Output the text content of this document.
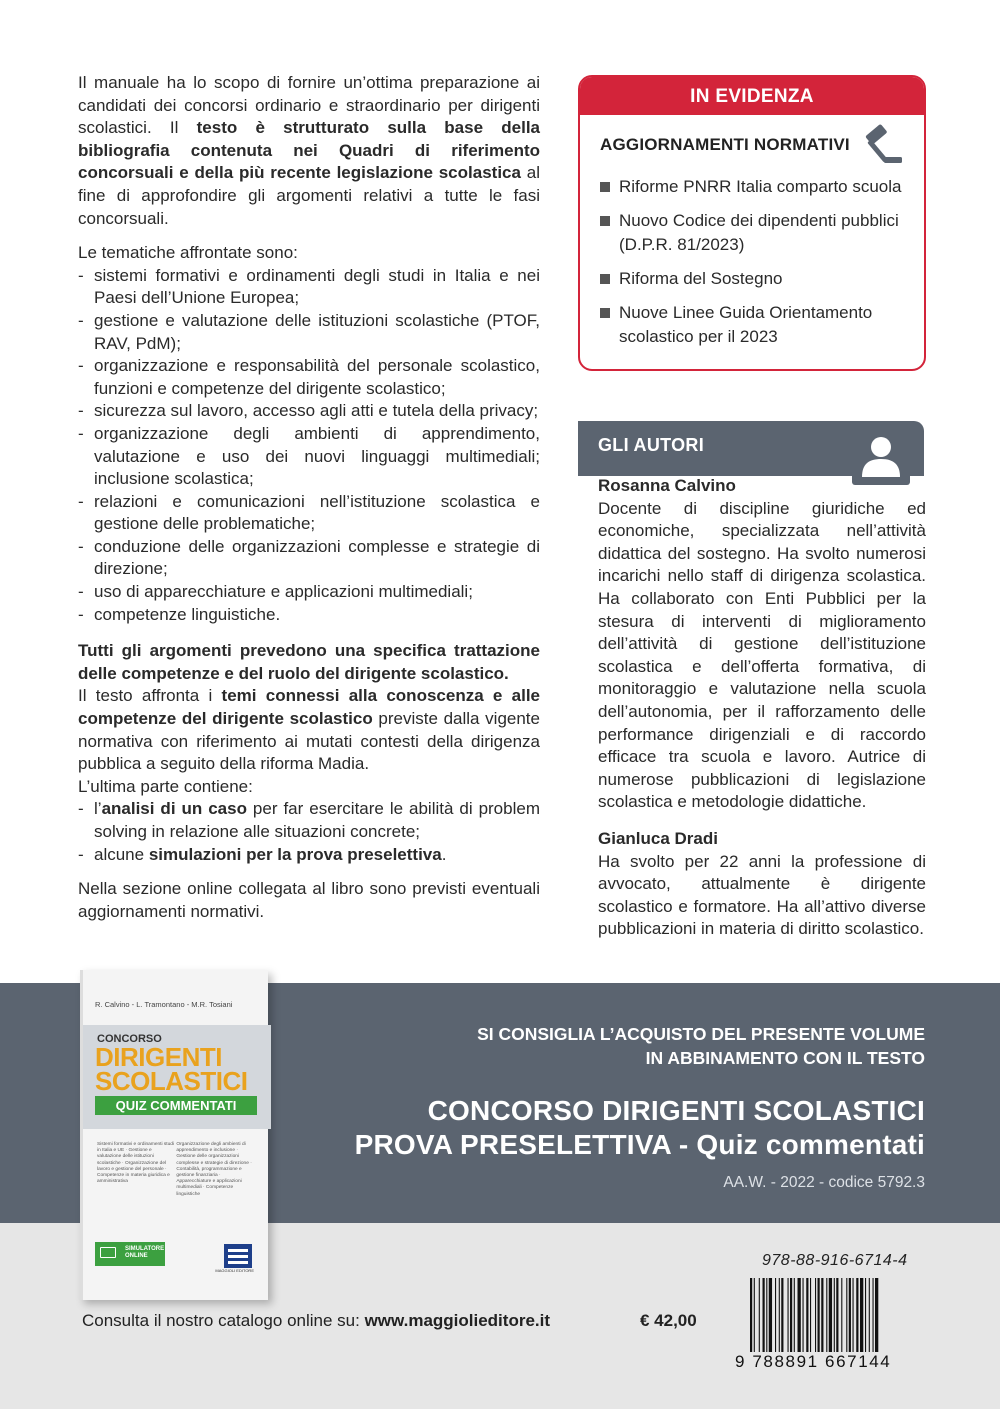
Il manuale ha lo scopo di fornire un’ottima preparazione ai candidati dei concorsi ordinario e straordinario per dirigenti scolastici. Il testo è strutturato sulla base della bibliografia contenuta nei Quadri di riferimento concorsuali e della più recente legislazione scolastica al fine di approfondire gli argomenti relativi a tutte le fasi concorsuali.

Le tematiche affrontate sono:
- sistemi formativi e ordinamenti degli studi in Italia e nei Paesi dell’Unione Europea;
- gestione e valutazione delle istituzioni scolastiche (PTOF, RAV, PdM);
- organizzazione e responsabilità del personale scolastico, funzioni e competenze del dirigente scolastico;
- sicurezza sul lavoro, accesso agli atti e tutela della privacy;
- organizzazione degli ambienti di apprendimento, valutazione e uso dei nuovi linguaggi multimediali; inclusione scolastica;
- relazioni e comunicazioni nell’istituzione scolastica e gestione delle problematiche;
- conduzione delle organizzazioni complesse e strategie di direzione;
- uso di apparecchiature e applicazioni multimediali;
- competenze linguistiche.
Tutti gli argomenti prevedono una specifica trattazione delle competenze e del ruolo del dirigente scolastico.
Il testo affronta i temi connessi alla conoscenza e alle competenze del dirigente scolastico previste dalla vigente normativa con riferimento ai mutati contesti della dirigenza pubblica a seguito della riforma Madia.
L’ultima parte contiene:
- l’analisi di un caso per far esercitare le abilità di problem solving in relazione alle situazioni concrete;
- alcune simulazioni per la prova preselettiva.

Nella sezione online collegata al libro sono previsti eventuali aggiornamenti normativi.

IN EVIDENZA
AGGIORNAMENTI NORMATIVI
Riforme PNRR Italia comparto scuola
Nuovo Codice dei dipendenti pubblici (D.P.R. 81/2023)
Riforma del Sostegno
Nuove Linee Guida Orientamento scolastico per il 2023
GLI AUTORI
Rosanna Calvino
Docente di discipline giuridiche ed economiche, specializzata nell’attività didattica del sostegno. Ha svolto numerosi incarichi nello staff di dirigenza scolastica. Ha collaborato con Enti Pubblici per la stesura di interventi di miglioramento dell’attività di gestione dell’istituzione scolastica e dell’offerta formativa, di monitoraggio e valutazione nella scuola dell’autonomia, per il rafforzamento delle performance dirigenziali e di raccordo efficace tra scuola e lavoro. Autrice di numerose pubblicazioni di legislazione scolastica e metodologie didattiche.
Gianluca Dradi
Ha svolto per 22 anni la professione di avvocato, attualmente è dirigente scolastico e formatore. Ha all’attivo diverse pubblicazioni in materia di diritto scolastico.
SI CONSIGLIA L’ACQUISTO DEL PRESENTE VOLUME
IN ABBINAMENTO CON IL TESTO
CONCORSO DIRIGENTI SCOLASTICI
PROVA PRESELETTIVA - Quiz commentati
AA.W. - 2022 - codice 5792.3
R. Calvino - L. Tramontano - M.R. Tosiani
CONCORSO
DIRIGENTI
SCOLASTICI
QUIZ COMMENTATI
Sistemi formativi e ordinamenti studi in Italia e UE · Gestione e valutazione delle istituzioni scolastiche · Organizzazione del lavoro e gestione del personale · Competenze in materia giuridica e amministrativa Organizzazione degli ambienti di apprendimento e inclusione · Gestione delle organizzazioni complesse e strategie di direzione · Contabilità, programmazione e gestione finanziaria · Apparecchiature e applicazioni multimediali · Competenze linguistiche
SIMULATORE ONLINE
MAGGIOLI EDITORE
Consulta il nostro catalogo online su: www.maggiolieditore.it	€ 42,00
978-88-916-6714-4
9 788891 667144
